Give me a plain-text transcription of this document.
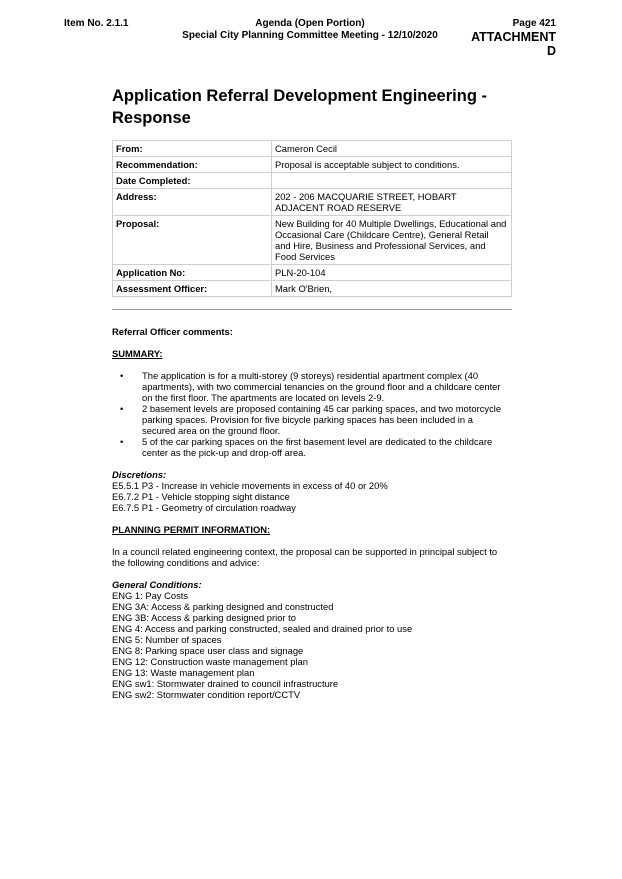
Item No. 2.1.1	Agenda (Open Portion)
Special City Planning Committee Meeting - 12/10/2020
Page 421
ATTACHMENT D
Application Referral Development Engineering -
Response
From:	Cameron Cecil
Recommendation:	Proposal is acceptable subject to conditions.
Date Completed:	
Address:	202 - 206 MACQUARIE STREET, HOBART
ADJACENT ROAD RESERVE
Proposal:	New Building for 40 Multiple Dwellings, Educational and
Occasional Care (Childcare Centre), General Retail
and Hire, Business and Professional Services, and
Food Services
Application No:	PLN-20-104
Assessment Officer:	Mark O'Brien,

Referral Officer comments:

SUMMARY:

• The application is for a multi-storey (9 storeys) residential apartment complex (40
apartments), with two commercial tenancies on the ground floor and a childcare center
on the first floor. The apartments are located on levels 2-9.
• 2 basement levels are proposed containing 45 car parking spaces, and two motorcycle
parking spaces. Provision for five bicycle parking spaces has been included in a
secured area on the ground floor.
• 5 of the car parking spaces on the first basement level are dedicated to the childcare
center as the pick-up and drop-off area.

Discretions:

E5.5.1 P3 - Increase in vehicle movements in excess of 40 or 20%

E6.7.2 P1 - Vehicle stopping sight distance

E6.7.5 P1 - Geometry of circulation roadway

PLANNING PERMIT INFORMATION:

In a council related engineering context, the proposal can be supported in principal subject to
the following conditions and advice:

General Conditions:

ENG 1: Pay Costs

ENG 3A: Access & parking designed and constructed

ENG 3B: Access & parking designed prior to

ENG 4: Access and parking constructed, sealed and drained prior to use

ENG 5: Number of spaces

ENG 8: Parking space user class and signage

ENG 12: Construction waste management plan

ENG 13: Waste management plan

ENG sw1: Stormwater drained to council infrastructure

ENG sw2: Stormwater condition report/CCTV
